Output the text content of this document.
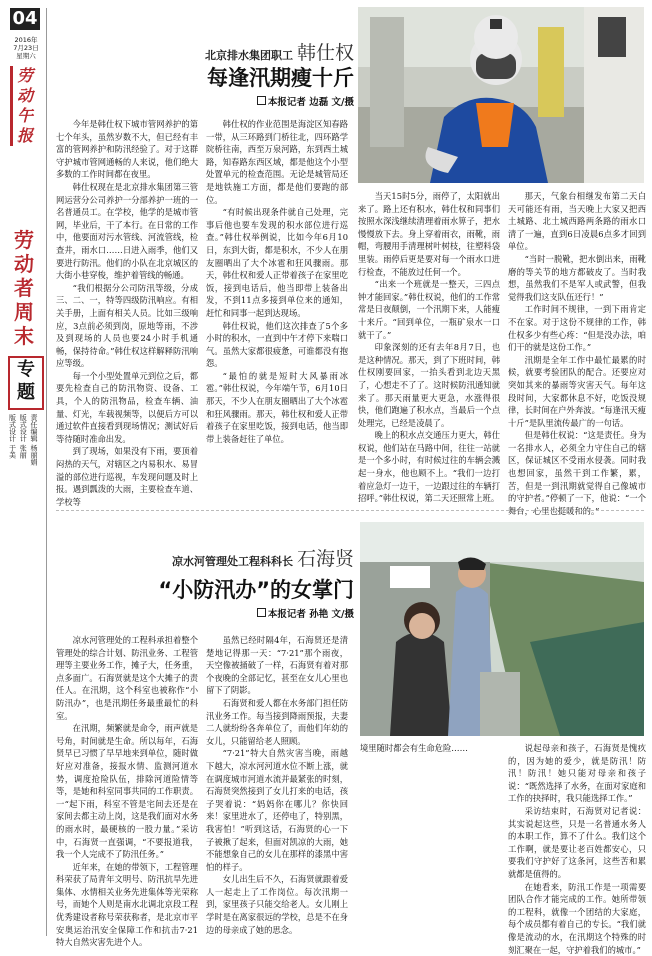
04
2016年
7月23日
星期六
劳
动
午
报
劳动者周末
专题
版式设计 于美 版式设计 张丽 责任编辑 杨丽娟
北京排水集团职工 韩仕权
每逢汛期瘦十斤
本报记者 边磊 文/摄

今年是韩仕权下城市管网养护的第七个年头，虽然岁数不大，但已经有丰富的管网养护和防汛经验了。对于这群守护城市管网通畅的人来说，他们绝大多数的工作时间都在夜里。

韩仕权现在是北京排水集团第三管网运营分公司养护一分部养护一班的一名普通员工。在学校，他学的是城市管网，毕业后，干了本行。在日常的工作中，他要面对污水管线、河流管线，检查井，雨水口……日进入雨季，他们又要进行防汛。他们的小队在北京城区的大街小巷穿梭，维护着管线的畅通。

“我们根据分公司防汛等级，分成三、二、一，特等四级防汛响应。有相关手册，上面有相关人员。比如三级响应，3点前必须到岗，原地等雨，不涉及到现场的人员也要24小时手机通畅，保持待命。”韩仕权这样解释防汛响应等级。

每一个小型处置单元到位之后，都要先检查自己的防汛物资、设备、工具，个人的防汛物品，检查车辆、油量、灯光，车载视频等，以便后方可以通过软件直接看到现场情况；测试好后等待随时准命出发。

到了现场，如果没有下雨，要顶着闷热的天气，对辖区之内易积水、易冒溢的部位进行巡视，车发现问题及时上报。遇到瓢泼的大雨，主要检查车道、学校等

韩仕权的作业范围是海淀区知春路一带，从三环路到门桥往北，四环路学院桥往南，西至万泉河路，东到西土城路，知春路东西区域，都是他这个小型处置单元的检查范围。无论是城管局还是地铁施工方面，都是他们要跑的部位。

“有时候出现条件就自己处理，完事后他也要车发现的积水部位进行巡查。”韩仕权举例说，比如今年6月10日，东到大街，都是积水，不少人在朋友圈晒出了大个冰雹和狂风骤雨。那天，韩仕权和爱人正带着孩子在家里吃饭，接到电话后，他当即带上装备出发，不到11点多接到单位来的通知，赶忙和同事一起到达现场。

韩仕权说，他们这次排查了5个多小时的积水，一直到中午才停下来喘口气。虽然大家都很疲惫，可谁都没有抱怨。

“最怕的就是短时大风暴雨冰雹。”韩仕权说，今年端午节，6月10日那天，不少人在朋友圈晒出了大个冰雹和狂风骤雨。那天，韩仕权和爱人正带着孩子在家里吃饭，接到电话，他当即带上装备赶往了单位。

当天15时5分，雨停了，太阳就出来了。路上还有积水，韩仕权和同事们按照水深浅继续清理着雨水箅子，把水慢慢放下去。身上穿着雨衣，雨靴，雨帽，弯腰用手清理树叶树枝，往塑料袋里装。雨停后更是要对每一个雨水口进行检查，不能放过任何一个。

“出来一个班就是一整天，三四点钟才能回家。”韩仕权说，他们的工作常常是日夜颠倒，一个汛期下来，人能瘦十来斤。“回到单位，一瓶矿泉水一口就干了。”

印象深刻的还有去年8月7日，也是这种情况。那天，到了下班时间，韩仕权刚要回家，一抬头看到北边天黑了，心想走不了了。这时候防汛通知就来了。那天雨量更大更急，水涨得很快，他们跑遍了积水点，当最后一个点处理完，已经是凌晨了。

晚上的积水点交通压力更大，韩仕权说，他们站在马路中间，往往一站就是一个多小时，有时候过往的车辆会溅起一身水，他也顾不上。“我们一边打着应急灯一边干，一边跟过往的车辆打招呼。”韩仕权说，第二天还照常上班。

那天，气象台相继发布第二天白天可能还有雨，当天晚上大家又把西土城路、北土城西路两条路的雨水口清了一遍，直到6日凌晨6点多才回到单位。

“当时一脱靴，把水倒出来，雨靴磨的等关节的地方都破皮了。当时我想，虽然我们不是军人或武警，但我觉得我们这支队伍还行！”

工作时间不规律，一到下雨肯定不在家。对于这份不规律的工作，韩仕权多少有些心疼：“但是没办法，咱们干的就是这份工作。”

汛期是全年工作中最忙最累的时候，就要考验团队的配合。还要应对突如其来的暴雨等灾害天气。每年这段时间，大家都休息不好，吃饭没规律，长时间在户外奔波。“每逢汛天瘦十斤”是队里流传最广的一句话。

但是韩仕权说：“这是责任。身为一名排水人，必须全力守住自己的辖区，保证城区不受雨水侵袭。同时我也想回家，虽然干到工作繁，累，苦，但是一到汛期就觉得自己像城市的守护者。”停顿了一下，他说：“一个舞台，心里也挺暖和的。”

凉水河管理处工程科科长 石海贤
“小防汛办”的女掌门
本报记者 孙艳 文/摄

凉水河管理处的工程科承担着整个管理处的综合计划、防汛业务、工程管理等主要业务工作，摊子大，任务重，点多面广。石海贤就是这个大摊子的责任人。在汛期，这个科室也被称作“小防汛办”，也是汛期任务最重最忙的科室。

在汛期，频繁就是命令，雨声就是号角，时间就是生命。所以每年，石海贤早已习惯了早早地来到单位，随时做好应对准备，接报水情、监测河道水势，调度抢险队伍，排除河道险情等等，是她和科室同事共同的工作职责。一“起下雨，科室不管是宅间去还是在家间去都主动上岗，这是我们面对水务的雨水时，最硬核的一股力量。”采访中，石海贤一直强调，“不要报道我，我一个人完成不了防汛任务。”

近年来，在她的带领下，工程管理科荣获了局青年文明号、防汛抗旱先进集体、水情相关业务先进集体等光荣称号，而她个人则是南水北调北京段工程优秀建设者称号荣获称者，是北京市平安奥运治汛安全保障工作和抗击7·21特大自然灾害先进个人。

虽然已经时隔4年，石海贤还是清楚地记得那一天：“7·21”那个雨夜，天空像被捅破了一样，石海贤有着对那个夜晚的全部记忆，甚至在女儿心里也留下了阴影。

石海贤和爱人都在水务部门担任防汛业务工作。每当接到降雨预报，夫妻二人就纷纷各奔单位了，而他们年幼的女儿，只能留给老人照顾。

“7·21”特大自然灾害当晚，雨越下越大，凉水河河道水位不断上涨，就在调度城市河道水流并最紧张的时刻，石海贤突然接到了女儿打来的电话，孩子哭着说：“妈妈你在哪儿？你快回来！家里进水了，还停电了，特别黑，我害怕！”听到这话，石海贤的心一下子被揪了起来，但面对凯凉的大雨，她不能想象自己的女儿在那样的漆黑中害怕的样子。

女儿出生后不久，石海贤就跟着爱人一起走上了工作岗位。每次汛期一到，家里孩子只能交给老人。女儿刚上学时是在离家很远的学校，总是不在身边的母亲成了她的思念。

境里随时都会有生命危险……	说起母亲和孩子，石海贤是愧疚的，因为她的爱少，就是防汛！防汛！防汛！她只能对母亲和孩子说：“既然选择了水务，在面对家庭和工作的抉择时，我只能选择工作。”

采访结束时，石海贤对记者说：其实说起这些，只是一名普通水务人的本职工作，算不了什么。我们这个工作啊，就是要让老百姓都安心，只要我们守护好了这条河，这些苦和累就都是值得的。

在她看来，防汛工作是一项需要团队合作才能完成的工作。她所带领的工程科，就像一个团结的大家庭，每个成员都有着自己的专长。“我们就像是流动的水，在汛期这个特殊的时刻汇聚在一起，守护着我们的城市。”
